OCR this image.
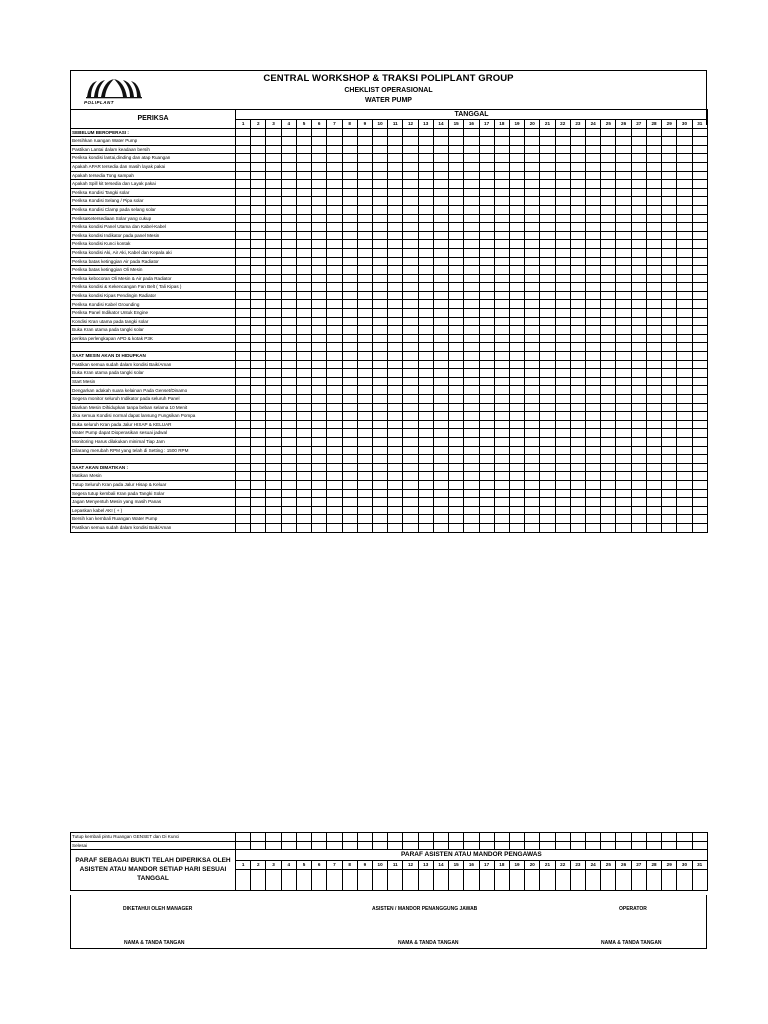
POLIPLANT
CENTRAL WORKSHOP & TRAKSI POLIPLANT GROUP
CHEKLIST OPERASIONAL
WATER PUMP
PERIKSA	TANGGAL																														
	1	2	3	4	5	6	7	8	9	10	11	12	13	14	15	16	17	18	19	20	21	22	23	24	25	26	27	28	29	30	31
SEBELUM BEROPERASI :																															
Bersihkan ruangan Water Pump																															
Pastikan Lantai dalam keadaan bersih																															
Periksa kondisi lantai,dinding dan atap Ruangan																															
Apakah APAR tersedia dan masih layak pakai																															
Apakah tersedia Tong sampah																															
Apakah Spill kit tersedia dan Layak pakai																															
Periksa Kondisi Tangki solar																															
Periksa Kondisi Selang / Pipa solar																															
Periksa Kondisi Clamp pada selang solar																															
PeriksaKetersediaan Solar yang cukup																															
Periksa kondisi Panel Utama dan Kabel-Kabel																															
Periksa kondisi Indikator pada panel Mesin																															
Periksa kondisi Kunci kontak																															
Periksa kondisi Aki, Air Aki, Kabel dan Kepala aki																															
Periksa batas ketinggian Air pada Radiator																															
Periksa batas ketinggian Oli Mesin																															
Periksa kebocoran Oli Mesin & Air pada Radiator																															
Periksa kondisi & Kekencangan Fan Belt ( Tali Kipas )																															
Periksa kondisi Kipas Pendingin Radiator																															
Periksa Kondisi Kabel Grounding																															
Periksa Panel Indikator Untuk Engine																															
Kondisi Kran utama pada tangki solar																															
Buka Kran utama pada tangki solar																															
periksa perlengkapan APD & kotak P3K																															

SAAT MESIN AKAN DI HIDUPKAN																															
Pastikan semua sudah dalam kondisi Baik/Aman																															
Buka Kran utama pada tangki solar																															
Start Mesin																															
Dengarkan adakah suara kelainan Pada Genset/Dinamo																															
Segera monitor seluruh Indikator pada seluruh Panel																															
Biarkan Mesin Dihidupkan tanpa beban selama 10 Menit																															
Jika semua Kondisi normal dapat lansung Fungsikan Pompa																															
Buka seluruh Kran pada Jalur HISAP & KELUAR																															
Water Pump dapat Dioperasikan sesuai jadwal																															
Monitoring Harus dilakukan minimal Tiap Jam																															
Dilarang merubah RPM yang telah di Setting : 1500 RPM																															

SAAT AKAN DIMATIKAN :																															
Matikan Mesin																															
Tutup Seluruh Kran pada Jalur Hisap & Keluar																															
Segera tutup kembali Kran pada Tangki Solar																															
Jagan Menyentuh Mesin yang masih Panas																															
Lepaskan kabel AKI ( + )																															
Bersih kan kembali Ruangan Water Pump																															
Pastikan semua sudah dalam kondisi Baik/Aman																															
Tutup kembali pintu Ruangan GENSET dan Di Kunci																															
Selesai																															
PARAF SEBAGAI BUKTI TELAH DIPERIKSA OLEH ASISTEN ATAU MANDOR SETIAP HARI SESUAI TANGGAL	PARAF ASISTEN ATAU MANDOR PENGAWAS																														
	1	2	3	4	5	6	7	8	9	10	11	12	13	14	15	16	17	18	19	20	21	22	23	24	25	26	27	28	29	30	31

DIKETAHUI OLEH MANAGER	ASISTEN / MANDOR PENANGGUNG JAWAB	OPERATOR
NAMA & TANDA TANGAN	NAMA & TANDA TANGAN	NAMA & TANDA TANGAN
